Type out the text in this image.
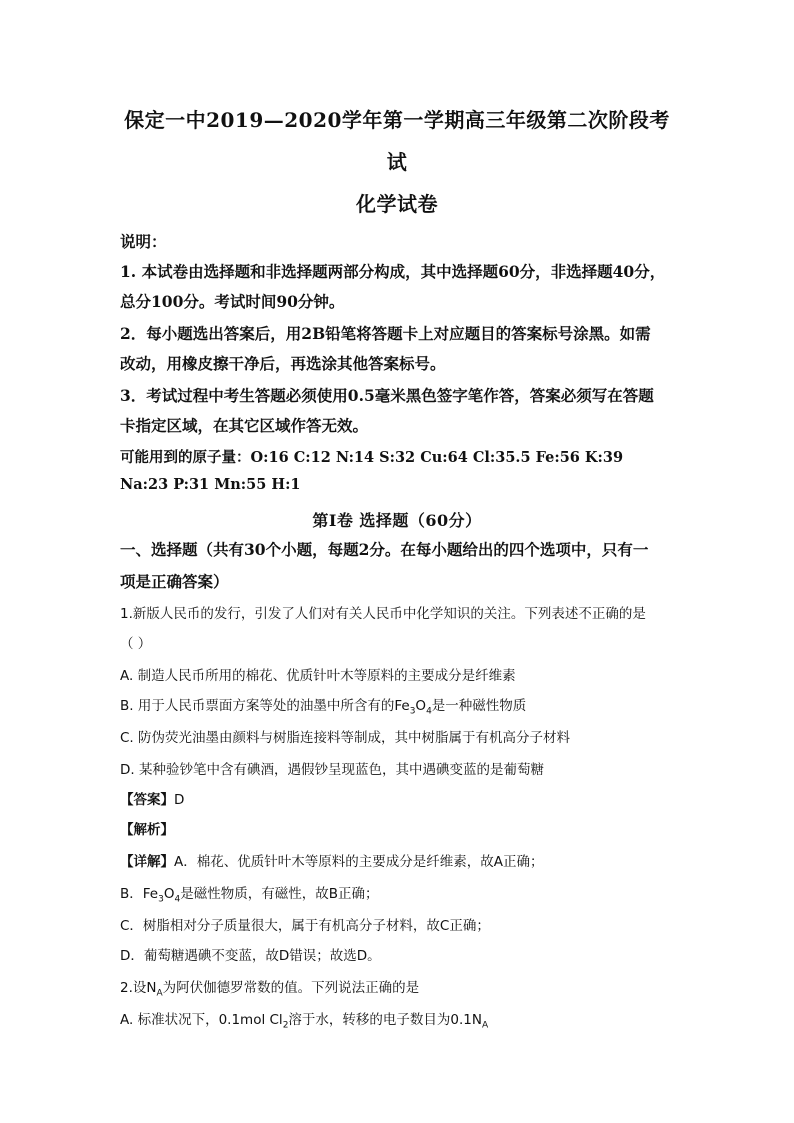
保定一中2019—2020学年第一学期高三年级第二次阶段考
试
化学试卷
说明：
1. 本试卷由选择题和非选择题两部分构成，其中选择题60分，非选择题40分，
总分100分。考试时间90分钟。
2．每小题选出答案后，用2B铅笔将答题卡上对应题目的答案标号涂黑。如需
改动，用橡皮擦干净后，再选涂其他答案标号。
3．考试过程中考生答题必须使用0.5毫米黑色签字笔作答，答案必须写在答题
卡指定区域，在其它区域作答无效。
可能用到的原子量：O:16 C:12 N:14 S:32 Cu:64 Cl:35.5 Fe:56 K:39
Na:23 P:31 Mn:55 H:1
第Ⅰ卷 选择题（60分）
一、选择题（共有30个小题，每题2分。在每小题给出的四个选项中，只有一
项是正确答案）
1.新版人民币的发行，引发了人们对有关人民币中化学知识的关注。下列表述不正确的是
（ ）
A. 制造人民币所用的棉花、优质针叶木等原料的主要成分是纤维素
B. 用于人民币票面方案等处的油墨中所含有的$Fe_3O_4$是一种磁性物质
C. 防伪荧光油墨由颜料与树脂连接料等制成，其中树脂属于有机高分子材料
D. 某种验钞笔中含有碘酒，遇假钞呈现蓝色，其中遇碘变蓝的是葡萄糖
【答案】D
【解析】
【详解】A．棉花、优质针叶木等原料的主要成分是纤维素，故A正确；
B．$Fe_3O_4$是磁性物质，有磁性，故B正确；
C．树脂相对分子质量很大，属于有机高分子材料，故C正确；
D．葡萄糖遇碘不变蓝，故D错误；故选D。
2.设$N_A$为阿伏伽德罗常数的值。下列说法正确的是
A. 标准状况下，0.1mol $Cl_2$溶于水，转移的电子数目为$0.1N_A$
